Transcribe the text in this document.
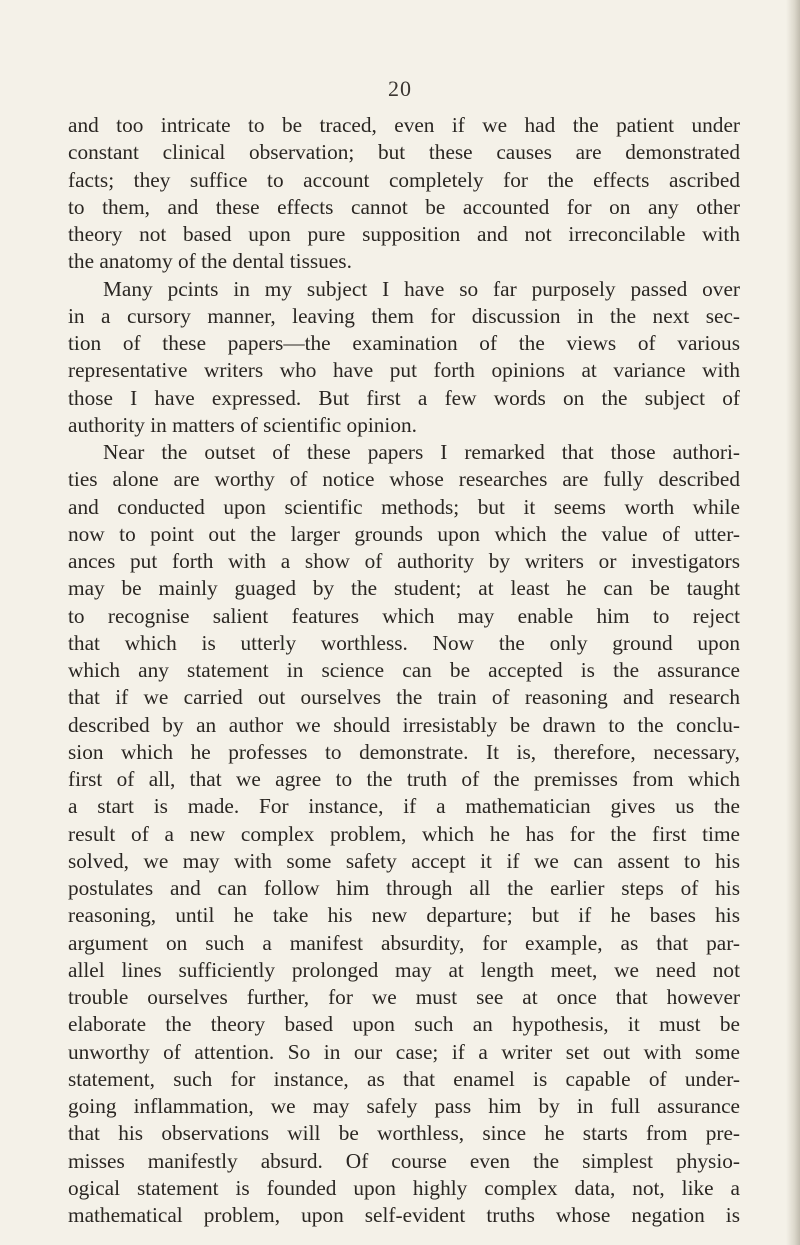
20
and too intricate to be traced, even if we had the patient under
constant clinical observation; but these causes are demonstrated
facts; they suffice to account completely for the effects ascribed
to them, and these effects cannot be accounted for on any other
theory not based upon pure supposition and not irreconcilable with
the anatomy of the dental tissues.
Many pcints in my subject I have so far purposely passed over
in a cursory manner, leaving them for discussion in the next sec-
tion of these papers—the examination of the views of various
representative writers who have put forth opinions at variance with
those I have expressed. But first a few words on the subject of
authority in matters of scientific opinion.
Near the outset of these papers I remarked that those authori-
ties alone are worthy of notice whose researches are fully described
and conducted upon scientific methods; but it seems worth while
now to point out the larger grounds upon which the value of utter-
ances put forth with a show of authority by writers or investigators
may be mainly guaged by the student; at least he can be taught
to recognise salient features which may enable him to reject
that which is utterly worthless. Now the only ground upon
which any statement in science can be accepted is the assurance
that if we carried out ourselves the train of reasoning and research
described by an author we should irresistably be drawn to the conclu-
sion which he professes to demonstrate. It is, therefore, necessary,
first of all, that we agree to the truth of the premisses from which
a start is made. For instance, if a mathematician gives us the
result of a new complex problem, which he has for the first time
solved, we may with some safety accept it if we can assent to his
postulates and can follow him through all the earlier steps of his
reasoning, until he take his new departure; but if he bases his
argument on such a manifest absurdity, for example, as that par-
allel lines sufficiently prolonged may at length meet, we need not
trouble ourselves further, for we must see at once that however
elaborate the theory based upon such an hypothesis, it must be
unworthy of attention. So in our case; if a writer set out with some
statement, such for instance, as that enamel is capable of under-
going inflammation, we may safely pass him by in full assurance
that his observations will be worthless, since he starts from pre-
misses manifestly absurd. Of course even the simplest physio-
ogical statement is founded upon highly complex data, not, like a
mathematical problem, upon self-evident truths whose negation is
